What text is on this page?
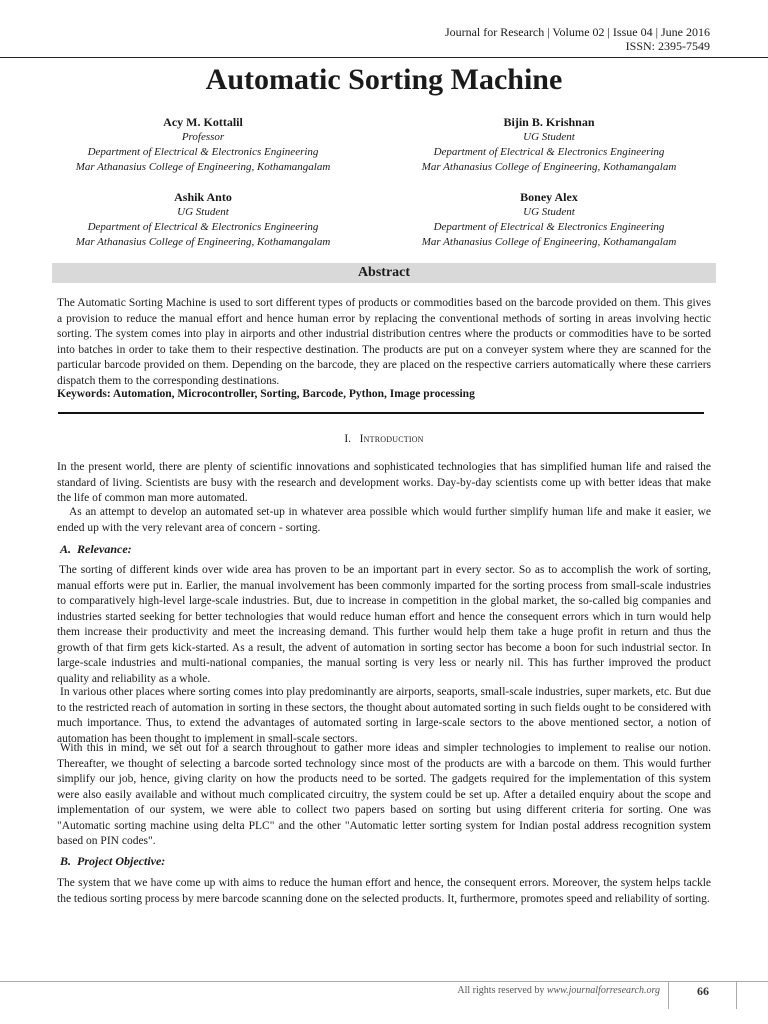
Journal for Research | Volume 02 | Issue 04 | June 2016
ISSN: 2395-7549
Automatic Sorting Machine
Acy M. Kottalil
Professor
Department of Electrical & Electronics Engineering
Mar Athanasius College of Engineering, Kothamangalam
Bijin B. Krishnan
UG Student
Department of Electrical & Electronics Engineering
Mar Athanasius College of Engineering, Kothamangalam
Ashik Anto
UG Student
Department of Electrical & Electronics Engineering
Mar Athanasius College of Engineering, Kothamangalam
Boney Alex
UG Student
Department of Electrical & Electronics Engineering
Mar Athanasius College of Engineering, Kothamangalam
Abstract

The Automatic Sorting Machine is used to sort different types of products or commodities based on the barcode provided on them. This gives a provision to reduce the manual effort and hence human error by replacing the conventional methods of sorting in areas involving hectic sorting. The system comes into play in airports and other industrial distribution centres where the products or commodities have to be sorted into batches in order to take them to their respective destination. The products are put on a conveyer system where they are scanned for the particular barcode provided on them. Depending on the barcode, they are placed on the respective carriers automatically where these carriers dispatch them to the corresponding destinations.

Keywords: Automation, Microcontroller, Sorting, Barcode, Python, Image processing

I. Introduction

In the present world, there are plenty of scientific innovations and sophisticated technologies that has simplified human life and raised the standard of living. Scientists are busy with the research and development works. Day-by-day scientists come up with better ideas that make the life of common man more automated.

As an attempt to develop an automated set-up in whatever area possible which would further simplify human life and make it easier, we ended up with the very relevant area of concern - sorting.

A. Relevance:

The sorting of different kinds over wide area has proven to be an important part in every sector. So as to accomplish the work of sorting, manual efforts were put in. Earlier, the manual involvement has been commonly imparted for the sorting process from small-scale industries to comparatively high-level large-scale industries. But, due to increase in competition in the global market, the so-called big companies and industries started seeking for better technologies that would reduce human effort and hence the consequent errors which in turn would help them increase their productivity and meet the increasing demand. This further would help them take a huge profit in return and thus the growth of that firm gets kick-started. As a result, the advent of automation in sorting sector has become a boon for such industrial sector. In large-scale industries and multi-national companies, the manual sorting is very less or nearly nil. This has further improved the product quality and reliability as a whole.

In various other places where sorting comes into play predominantly are airports, seaports, small-scale industries, super markets, etc. But due to the restricted reach of automation in sorting in these sectors, the thought about automated sorting in such fields ought to be considered with much importance. Thus, to extend the advantages of automated sorting in large-scale sectors to the above mentioned sector, a notion of automation has been thought to implement in small-scale sectors.

With this in mind, we set out for a search throughout to gather more ideas and simpler technologies to implement to realise our notion. Thereafter, we thought of selecting a barcode sorted technology since most of the products are with a barcode on them. This would further simplify our job, hence, giving clarity on how the products need to be sorted. The gadgets required for the implementation of this system were also easily available and without much complicated circuitry, the system could be set up. After a detailed enquiry about the scope and implementation of our system, we were able to collect two papers based on sorting but using different criteria for sorting. One was "Automatic sorting machine using delta PLC" and the other "Automatic letter sorting system for Indian postal address recognition system based on PIN codes".

B. Project Objective:

The system that we have come up with aims to reduce the human effort and hence, the consequent errors. Moreover, the system helps tackle the tedious sorting process by mere barcode scanning done on the selected products. It, furthermore, promotes speed and reliability of sorting.

All rights reserved by www.journalforresearch.org	66
